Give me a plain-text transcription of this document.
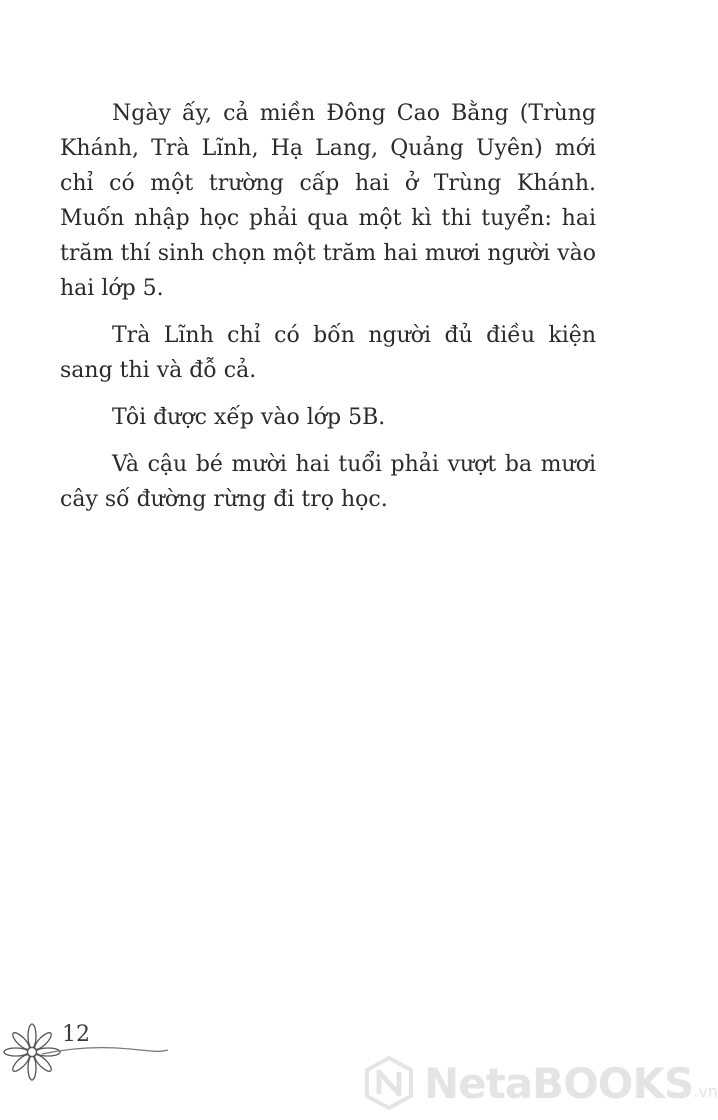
Ngày ấy, cả miền Đông Cao Bằng (Trùng Khánh, Trà Lĩnh, Hạ Lang, Quảng Uyên) mới chỉ có một trường cấp hai ở Trùng Khánh. Muốn nhập học phải qua một kì thi tuyển: hai trăm thí sinh chọn một trăm hai mươi người vào hai lớp 5.

Trà Lĩnh chỉ có bốn người đủ điều kiện sang thi và đỗ cả.

Tôi được xếp vào lớp 5B.

Và cậu bé mười hai tuổi phải vượt ba mươi cây số đường rừng đi trọ học.

12
NetaBOOKS .vn
